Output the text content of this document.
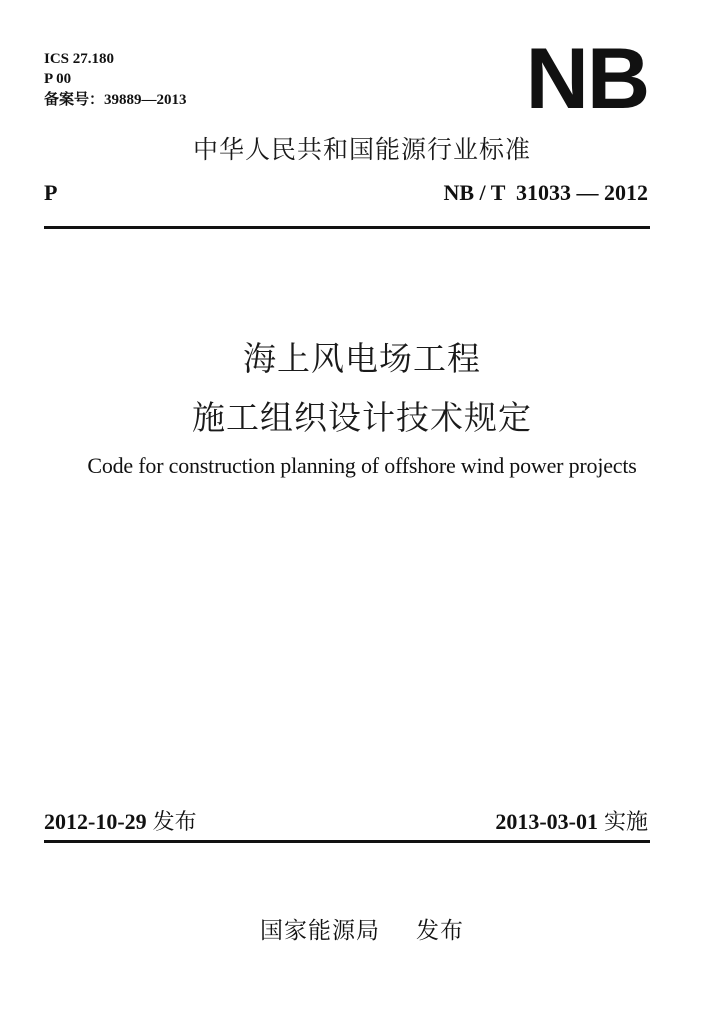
ICS 27.180
P 00
备案号：39889—2013	NB
中华人民共和国能源行业标准
P	NB / T  31033 — 2012
海上风电场工程
施工组织设计技术规定
Code for construction planning of offshore wind power projects
2012-10-29 发布	2013-03-01 实施
国家能源局 发布
